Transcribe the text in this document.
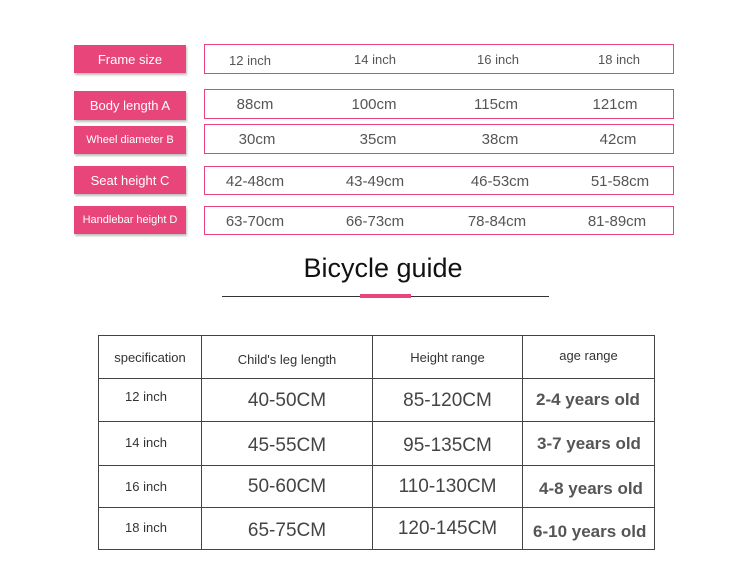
Frame size	12 inch	14 inch	16 inch	18 inch
Body length A	88cm	100cm	115cm	121cm
Wheel diameter B	30cm	35cm	38cm	42cm
Seat height C	42-48cm	43-49cm	46-53cm	51-58cm
Handlebar height D	63-70cm	66-73cm	78-84cm	81-89cm
Bicycle guide
specification	Child's leg length	Height range	age range
12 inch	40-50CM	85-120CM	2-4 years old
14 inch	45-55CM	95-135CM	3-7 years old
16 inch	50-60CM	110-130CM	4-8 years old
18 inch	65-75CM	120-145CM	6-10 years old
